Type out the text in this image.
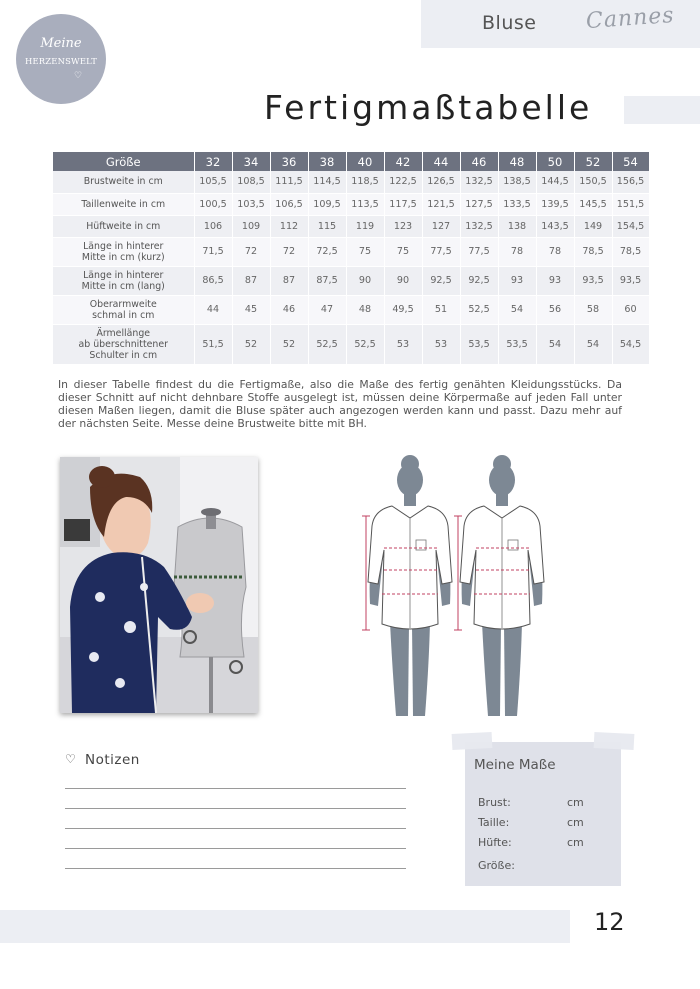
Bluse Cannes
Meine
HERZENSWELT
♡
Fertigmaßtabelle
Größe	32	34	36	38	40	42	44	46	48	50	52	54

Brustweite in cm	105,5	108,5	111,5	114,5	118,5	122,5	126,5	132,5	138,5	144,5	150,5	156,5

Taillenweite in cm	100,5	103,5	106,5	109,5	113,5	117,5	121,5	127,5	133,5	139,5	145,5	151,5

Hüftweite in cm	106	109	112	115	119	123	127	132,5	138	143,5	149	154,5

Länge in hinterer
Mitte in cm (kurz)	71,5	72	72	72,5	75	75	77,5	77,5	78	78	78,5	78,5

Länge in hinterer
Mitte in cm (lang)	86,5	87	87	87,5	90	90	92,5	92,5	93	93	93,5	93,5

Oberarmweite
schmal in cm	44	45	46	47	48	49,5	51	52,5	54	56	58	60

Ärmellänge
ab überschnittener
Schulter in cm	51,5	52	52	52,5	52,5	53	53	53,5	53,5	54	54	54,5
In dieser Tabelle findest du die Fertigmaße, also die Maße des fertig genähten Kleidungsstücks. Da dieser Schnitt auf nicht dehnbare Stoffe ausgelegt ist, müssen deine Körpermaße auf jeden Fall unter diesen Maßen liegen, damit die Bluse später auch angezogen werden kann und passt. Dazu mehr auf der nächsten Seite. Messe deine Brustweite bitte mit BH.
♡ Notizen	Meine Maße
Brust:	cm
Taille:	cm
Hüfte:	cm
Größe:
12
